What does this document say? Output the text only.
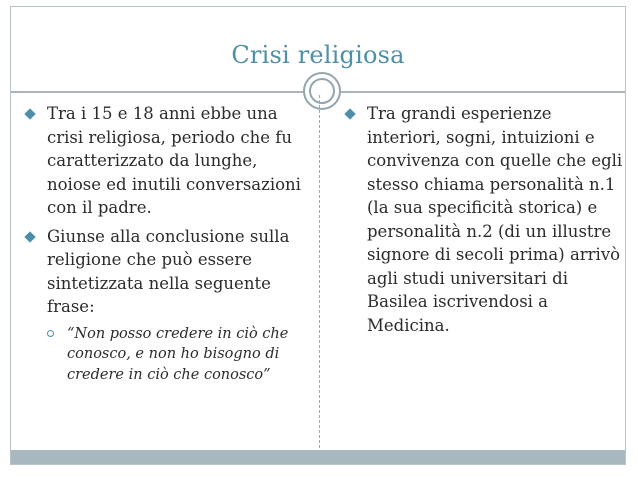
Crisi religiosa
Tra i 15 e 18 anni ebbe una crisi religiosa, periodo che fu caratterizzato da lunghe, noiose ed inutili conversazioni con il padre.
Giunse alla conclusione sulla religione che può essere sintetizzata nella seguente frase:
“Non posso credere in ciò che conosco, e non ho bisogno di credere in ciò che conosco”
Tra grandi esperienze interiori, sogni, intuizioni e convivenza con quelle che egli stesso chiama personalità n.1 (la sua specificità storica) e personalità n.2 (di un illustre signore di secoli prima) arrivò agli studi universitari di Basilea iscrivendosi a Medicina.
